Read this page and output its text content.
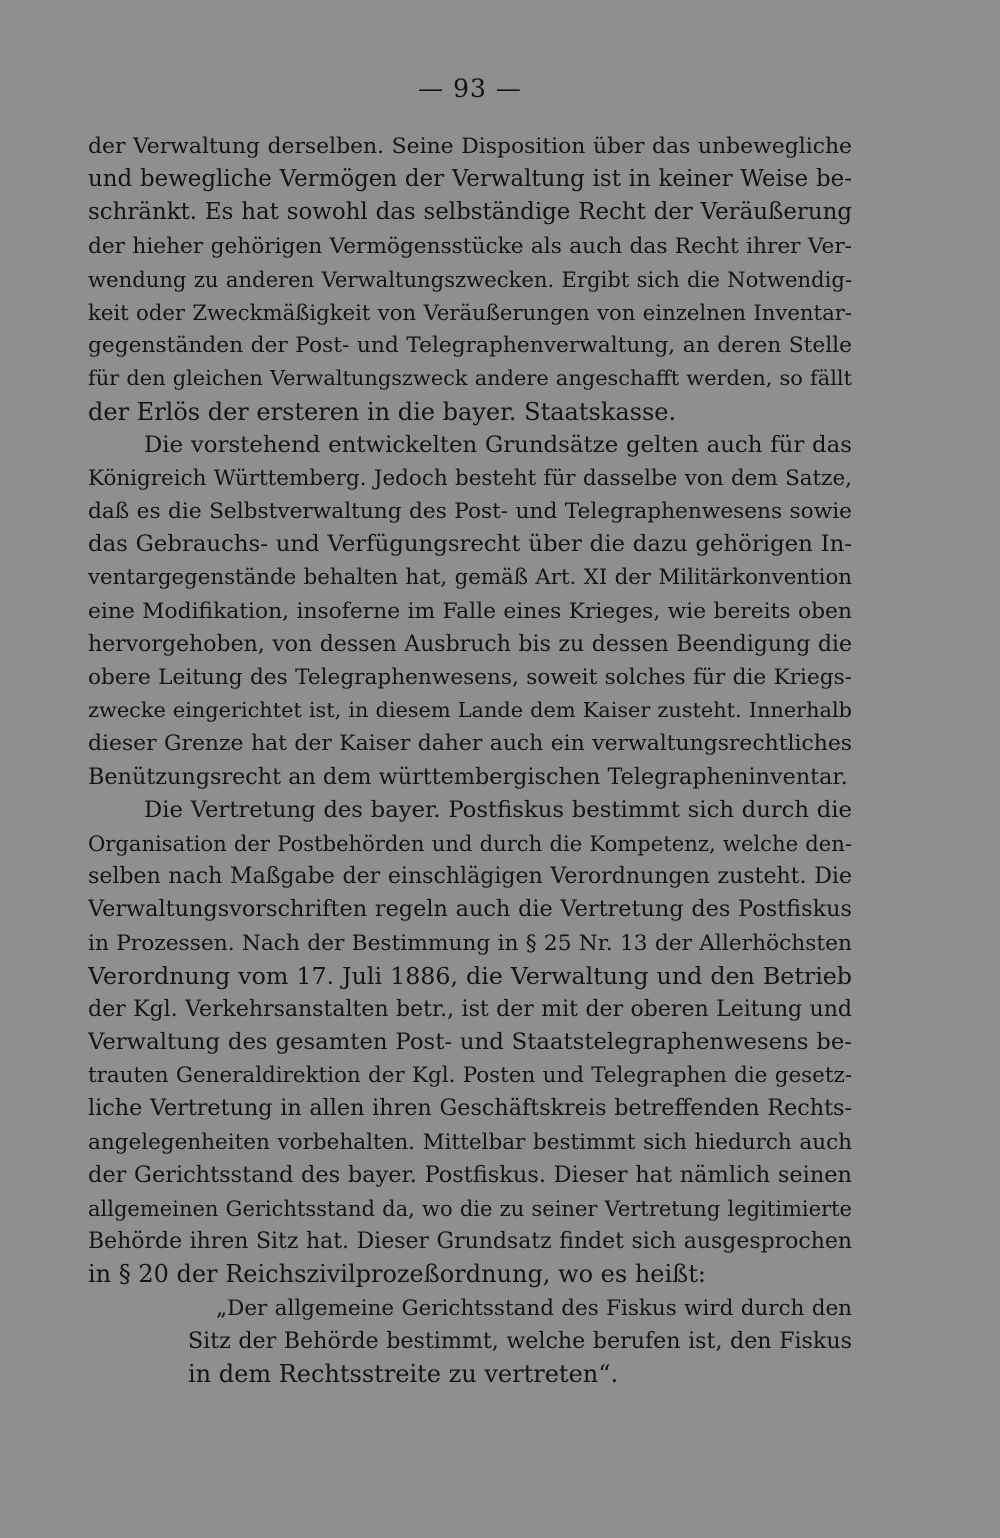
— 93 —
der Verwaltung derselben. Seine Disposition über das unbewegliche
und bewegliche Vermögen der Verwaltung ist in keiner Weise be-
schränkt. Es hat sowohl das selbständige Recht der Veräußerung
der hieher gehörigen Vermögensstücke als auch das Recht ihrer Ver-
wendung zu anderen Verwaltungszwecken. Ergibt sich die Notwendig-
keit oder Zweckmäßigkeit von Veräußerungen von einzelnen Inventar-
gegenständen der Post- und Telegraphenverwaltung, an deren Stelle
für den gleichen Verwaltungszweck andere angeschafft werden, so fällt
der Erlös der ersteren in die bayer. Staatskasse.
Die vorstehend entwickelten Grundsätze gelten auch für das
Königreich Württemberg. Jedoch besteht für dasselbe von dem Satze,
daß es die Selbstverwaltung des Post- und Telegraphenwesens sowie
das Gebrauchs- und Verfügungsrecht über die dazu gehörigen In-
ventargegenstände behalten hat, gemäß Art. XI der Militärkonvention
eine Modifikation, insoferne im Falle eines Krieges, wie bereits oben
hervorgehoben, von dessen Ausbruch bis zu dessen Beendigung die
obere Leitung des Telegraphenwesens, soweit solches für die Kriegs-
zwecke eingerichtet ist, in diesem Lande dem Kaiser zusteht. Innerhalb
dieser Grenze hat der Kaiser daher auch ein verwaltungsrechtliches
Benützungsrecht an dem württembergischen Telegrapheninventar.
Die Vertretung des bayer. Postfiskus bestimmt sich durch die
Organisation der Postbehörden und durch die Kompetenz, welche den-
selben nach Maßgabe der einschlägigen Verordnungen zusteht. Die
Verwaltungsvorschriften regeln auch die Vertretung des Postfiskus
in Prozessen. Nach der Bestimmung in § 25 Nr. 13 der Allerhöchsten
Verordnung vom 17. Juli 1886, die Verwaltung und den Betrieb
der Kgl. Verkehrsanstalten betr., ist der mit der oberen Leitung und
Verwaltung des gesamten Post- und Staatstelegraphenwesens be-
trauten Generaldirektion der Kgl. Posten und Telegraphen die gesetz-
liche Vertretung in allen ihren Geschäftskreis betreffenden Rechts-
angelegenheiten vorbehalten. Mittelbar bestimmt sich hiedurch auch
der Gerichtsstand des bayer. Postfiskus. Dieser hat nämlich seinen
allgemeinen Gerichtsstand da, wo die zu seiner Vertretung legitimierte
Behörde ihren Sitz hat. Dieser Grundsatz findet sich ausgesprochen
in § 20 der Reichszivilprozeßordnung, wo es heißt:
„Der allgemeine Gerichtsstand des Fiskus wird durch den
Sitz der Behörde bestimmt, welche berufen ist, den Fiskus
in dem Rechtsstreite zu vertreten“.
